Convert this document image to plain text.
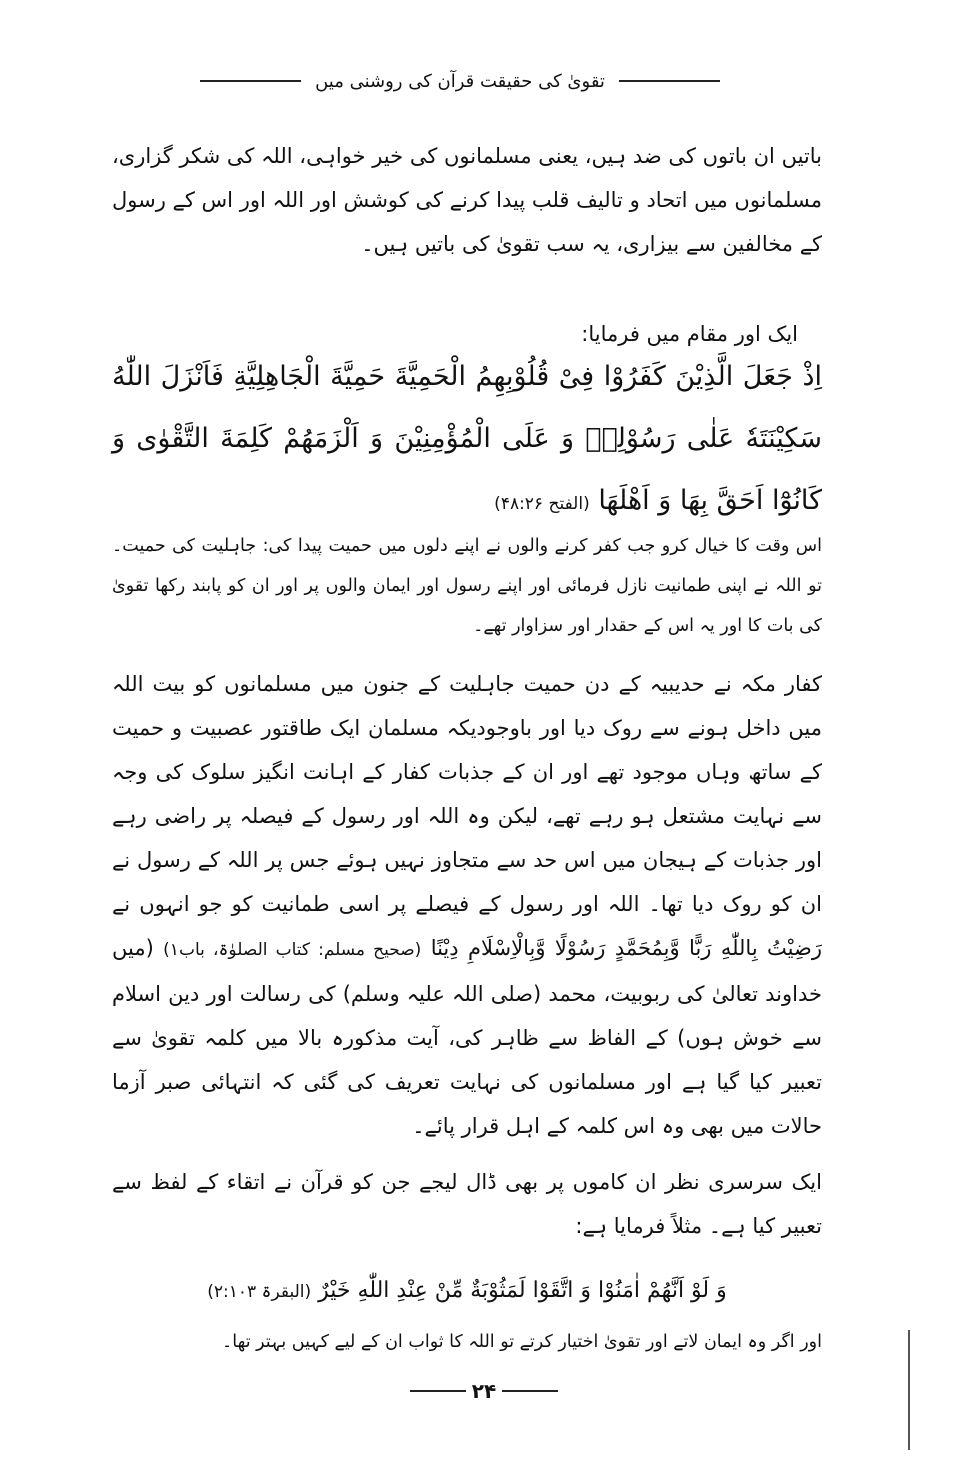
تقویٰ کی حقیقت قرآن کی روشنی میں

باتیں ان باتوں کی ضد ہیں، یعنی مسلمانوں کی خیر خواہی، اللہ کی شکر گزاری، مسلمانوں میں اتحاد و تالیف قلب پیدا کرنے کی کوشش اور اللہ اور اس کے رسول کے مخالفین سے بیزاری، یہ سب تقویٰ کی باتیں ہیں۔

ایک اور مقام میں فرمایا:

اِذْ جَعَلَ الَّذِیْنَ کَفَرُوْا فِیْ قُلُوْبِهِمُ الْحَمِیَّةَ حَمِیَّةَ الْجَاهِلِیَّةِ فَاَنْزَلَ اللّٰهُ سَکِیْنَتَهٗ عَلٰی رَسُوْلِهٖ وَ عَلَی الْمُؤْمِنِیْنَ وَ اَلْزَمَهُمْ كَلِمَةَ التَّقْوٰی وَ كَانُوْٓا اَحَقَّ بِهَا وَ اَهْلَهَا (الفتح ۴۸:۲۶)

اس وقت کا خیال کرو جب کفر کرنے والوں نے اپنے دلوں میں حمیت پیدا کی: جاہلیت کی حمیت۔ تو اللہ نے اپنی طمانیت نازل فرمائی اور اپنے رسول اور ایمان والوں پر اور ان کو پابند رکھا تقویٰ کی بات کا اور یہ اس کے حقدار اور سزاوار تھے۔

کفار مکہ نے حدیبیہ کے دن حمیت جاہلیت کے جنون میں مسلمانوں کو بیت اللہ میں داخل ہونے سے روک دیا اور باوجودیکہ مسلمان ایک طاقتور عصبیت و حمیت کے ساتھ وہاں موجود تھے اور ان کے جذبات کفار کے اہانت انگیز سلوک کی وجہ سے نہایت مشتعل ہو رہے تھے، لیکن وہ اللہ اور رسول کے فیصلہ پر راضی رہے اور جذبات کے ہیجان میں اس حد سے متجاوز نہیں ہوئے جس پر اللہ کے رسول نے ان کو روک دیا تھا۔ اللہ اور رسول کے فیصلے پر اسی طمانیت کو جو انہوں نے رَضِیْتُ بِاللّٰهِ رَبًّا وَّبِمُحَمَّدٍ رَسُوْلًا وَّبِالْاِسْلَامِ دِیْنًا (صحیح مسلم: کتاب الصلوٰۃ، باب۱) (میں خداوند تعالیٰ کی ربوبیت، محمد (صلی اللہ علیہ وسلم) کی رسالت اور دین اسلام سے خوش ہوں) کے الفاظ سے ظاہر کی، آیت مذکورہ بالا میں کلمہ تقویٰ سے تعبیر کیا گیا ہے اور مسلمانوں کی نہایت تعریف کی گئی کہ انتہائی صبر آزما حالات میں بھی وہ اس کلمہ کے اہل قرار پائے۔

ایک سرسری نظر ان کاموں پر بھی ڈال لیجے جن کو قرآن نے اتقاء کے لفظ سے تعبیر کیا ہے۔ مثلاً فرمایا ہے:

وَ لَوْ اَنَّهُمْ اٰمَنُوْا وَ اتَّقَوْا لَمَثُوْبَةٌ مِّنْ عِنْدِ اللّٰهِ خَیْرٌ (البقرۃ ۲:۱۰۳)

اور اگر وہ ایمان لاتے اور تقویٰ اختیار کرتے تو اللہ کا ثواب ان کے لیے کہیں بہتر تھا۔

۲۴
